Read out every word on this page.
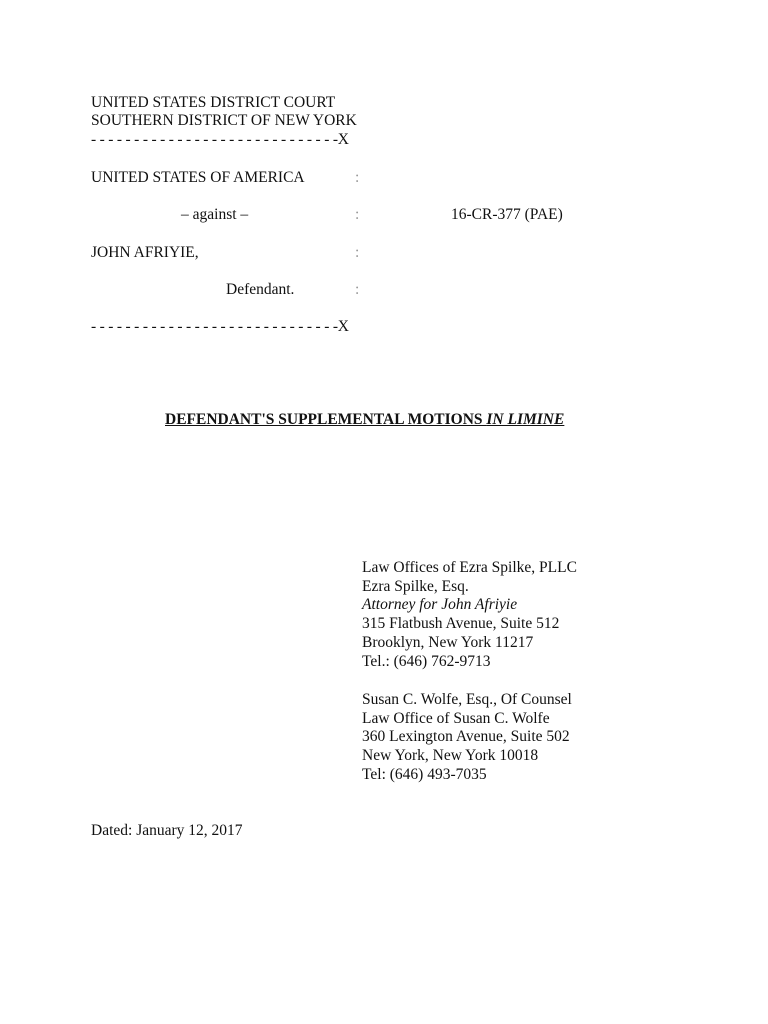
UNITED STATES DISTRICT COURT
SOUTHERN DISTRICT OF NEW YORK
- - - - - - - - - - - - - - - - - - - - - - - - - - - - -X
UNITED STATES OF AMERICA	:
– against –	:	16-CR-377 (PAE)
JOHN AFRIYIE,	:
Defendant.	:
- - - - - - - - - - - - - - - - - - - - - - - - - - - - -X
DEFENDANT'S SUPPLEMENTAL MOTIONS IN LIMINE
Law Offices of Ezra Spilke, PLLC
Ezra Spilke, Esq.
Attorney for John Afriyie
315 Flatbush Avenue, Suite 512
Brooklyn, New York 11217
Tel.: (646) 762-9713
Susan C. Wolfe, Esq., Of Counsel
Law Office of Susan C. Wolfe
360 Lexington Avenue, Suite 502
New York, New York 10018
Tel: (646) 493-7035
Dated: January 12, 2017
